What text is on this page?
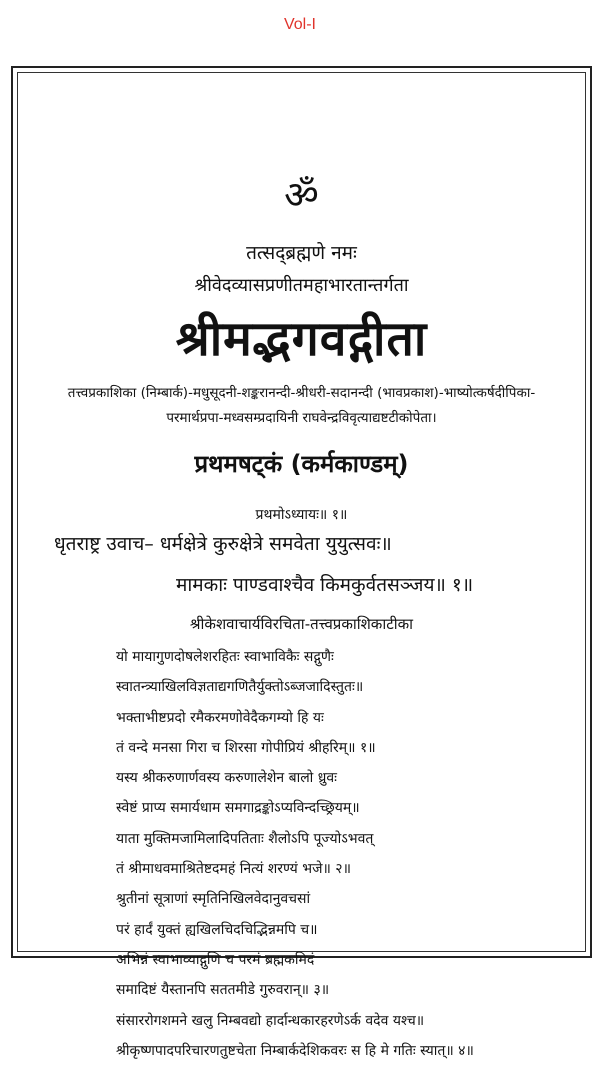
Vol-I
ॐ
तत्सद्ब्रह्मणे नमः
श्रीवेदव्यासप्रणीतमहाभारतान्तर्गता
श्रीमद्भगवद्गीता
तत्त्वप्रकाशिका (निम्बार्क)-मधुसूदनी-शङ्करानन्दी-श्रीधरी-सदानन्दी (भावप्रकाश)-भाष्योत्कर्षदीपिका-
परमार्थप्रपा-मध्वसम्प्रदायिनी राघवेन्द्रविवृत्याद्यष्टटीकोपेता।
प्रथमषट्कं (कर्मकाण्डम्)
प्रथमोऽध्यायः॥ १॥
धृतराष्ट्र उवाच– धर्मक्षेत्रे कुरुक्षेत्रे समवेता युयुत्सवः॥
मामकाः पाण्डवाश्चैव किमकुर्वतसञ्जय॥ १॥
श्रीकेशवाचार्यविरचिता-तत्त्वप्रकाशिकाटीका
यो मायागुणदोषलेशरहितः स्वाभाविकैः सद्गुणैः
स्वातन्त्र्याखिलविज्ञताद्यगणितैर्युक्तोऽब्जजादिस्तुतः॥
भक्ताभीष्टप्रदो रमैकरमणोवेदैकगम्यो हि यः
तं वन्दे मनसा गिरा च शिरसा गोपीप्रियं श्रीहरिम्॥ १॥
यस्य श्रीकरुणार्णवस्य करुणालेशेन बालो ध्रुवः
स्वेष्टं प्राप्य समार्यधाम समगाद्रङ्कोऽप्यविन्दच्छ्रियम्॥
याता मुक्तिमजामिलादिपतिताः शैलोऽपि पूज्योऽभवत्
तं श्रीमाधवमाश्रितेष्टदमहं नित्यं शरण्यं भजे॥ २॥
श्रुतीनां सूत्राणां स्मृतिनिखिलवेदानुवचसां
परं हार्दं युक्तं ह्यखिलचिदचिद्भिन्नमपि च॥
अभिन्नं स्वाभाव्याद्गुणि च परमं ब्रह्मकमिदं
समादिष्टं यैस्तानपि सततमीडे गुरुवरान्॥ ३॥
संसाररोगशमने खलु निम्बवद्यो हार्दान्धकारहरणेऽर्क वदेव यश्च॥
श्रीकृष्णपादपरिचारणतुष्टचेता निम्बार्कदेशिकवरः स हि मे गतिः स्यात्॥ ४॥
